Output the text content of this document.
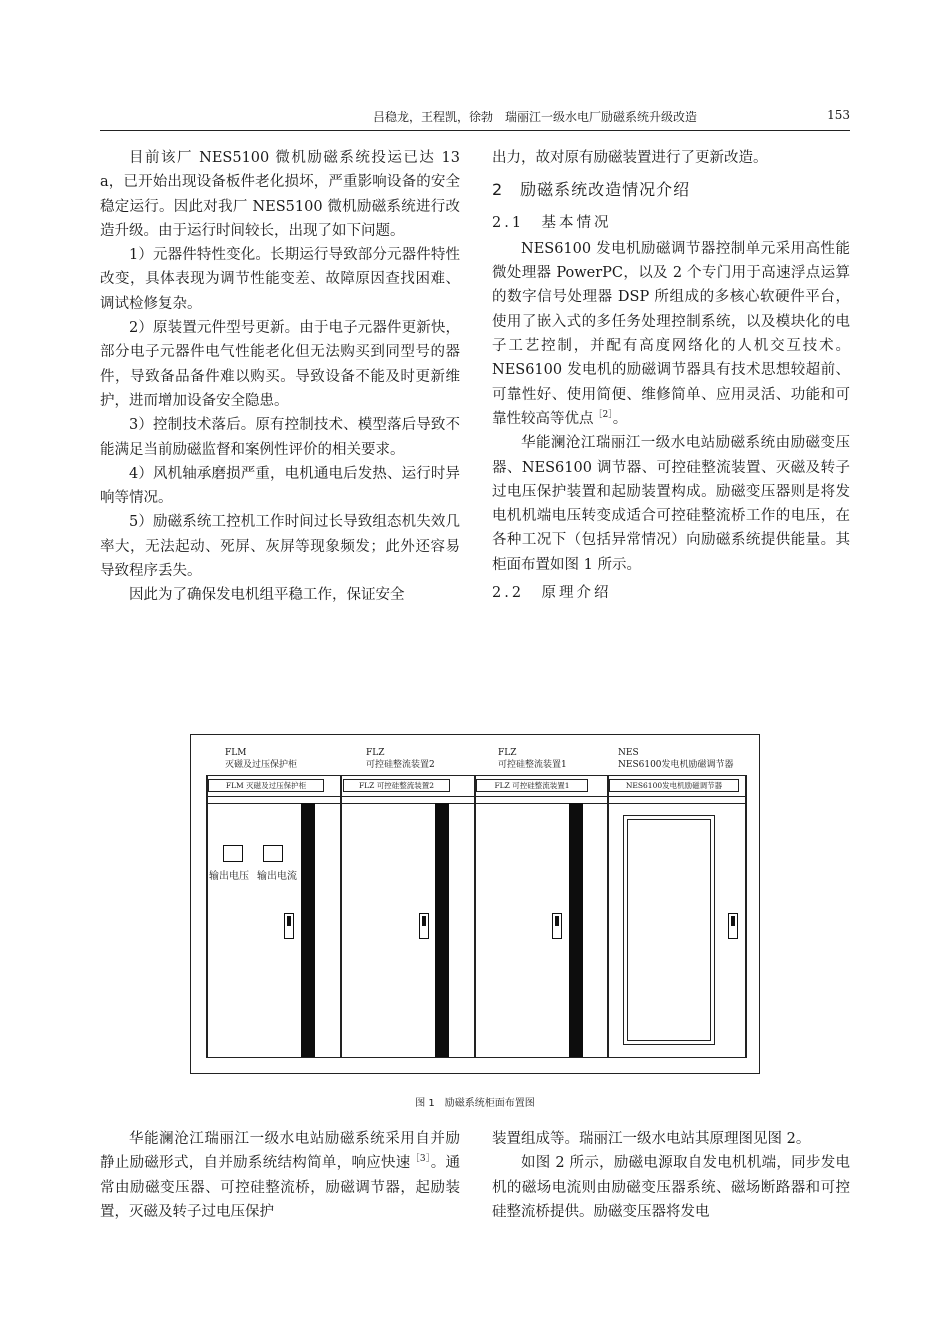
吕稳龙，王程凯，徐勃　瑞丽江一级水电厂励磁系统升级改造	153

目前该厂 NES5100 微机励磁系统投运已达 13 a，已开始出现设备板件老化损坏，严重影响设备的安全稳定运行。因此对我厂 NES5100 微机励磁系统进行改造升级。由于运行时间较长，出现了如下问题。

1）元器件特性变化。长期运行导致部分元器件特性改变，具体表现为调节性能变差、故障原因查找困难、调试检修复杂。

2）原装置元件型号更新。由于电子元器件更新快，部分电子元器件电气性能老化但无法购买到同型号的器件，导致备品备件难以购买。导致设备不能及时更新维护，进而增加设备安全隐患。

3）控制技术落后。原有控制技术、模型落后导致不能满足当前励磁监督和案例性评价的相关要求。

4）风机轴承磨损严重，电机通电后发热、运行时异响等情况。

5）励磁系统工控机工作时间过长导致组态机失效几率大，无法起动、死屏、灰屏等现象频发；此外还容易导致程序丢失。

因此为了确保发电机组平稳工作，保证安全

出力，故对原有励磁装置进行了更新改造。

2　励磁系统改造情况介绍

2.1　基本情况

NES6100 发电机励磁调节器控制单元采用高性能微处理器 PowerPC，以及 2 个专门用于高速浮点运算的数字信号处理器 DSP 所组成的多核心软硬件平台，使用了嵌入式的多任务处理控制系统，以及模块化的电子工艺控制，并配有高度网络化的人机交互技术。NES6100 发电机的励磁调节器具有技术思想较超前、可靠性好、使用简便、维修简单、应用灵活、功能和可靠性较高等优点$^{[2]}$。

华能澜沧江瑞丽江一级水电站励磁系统由励磁变压器、NES6100 调节器、可控硅整流装置、灭磁及转子过电压保护装置和起励装置构成。励磁变压器则是将发电机机端电压转变成适合可控硅整流桥工作的电压，在各种工况下（包括异常情况）向励磁系统提供能量。其柜面布置如图 1 所示。

2.2　原理介绍

FLM
灭磁及过压保护柜
FLZ
可控硅整流装置2
FLZ
可控硅整流装置1
NES
NES6100发电机励磁调节器
FLM 灭磁及过压保护柜	FLZ 可控硅整流装置2	FLZ 可控硅整流装置1	NES6100发电机励磁调节器
输出电压 输出电流
图 1　励磁系统柜面布置图

华能澜沧江瑞丽江一级水电站励磁系统采用自并励静止励磁形式，自并励系统结构简单，响应快速$^{[3]}$。通常由励磁变压器、可控硅整流桥，励磁调节器，起励装置，灭磁及转子过电压保护

装置组成等。瑞丽江一级水电站其原理图见图 2。

如图 2 所示，励磁电源取自发电机机端，同步发电机的磁场电流则由励磁变压器系统、磁场断路器和可控硅整流桥提供。励磁变压器将发电
